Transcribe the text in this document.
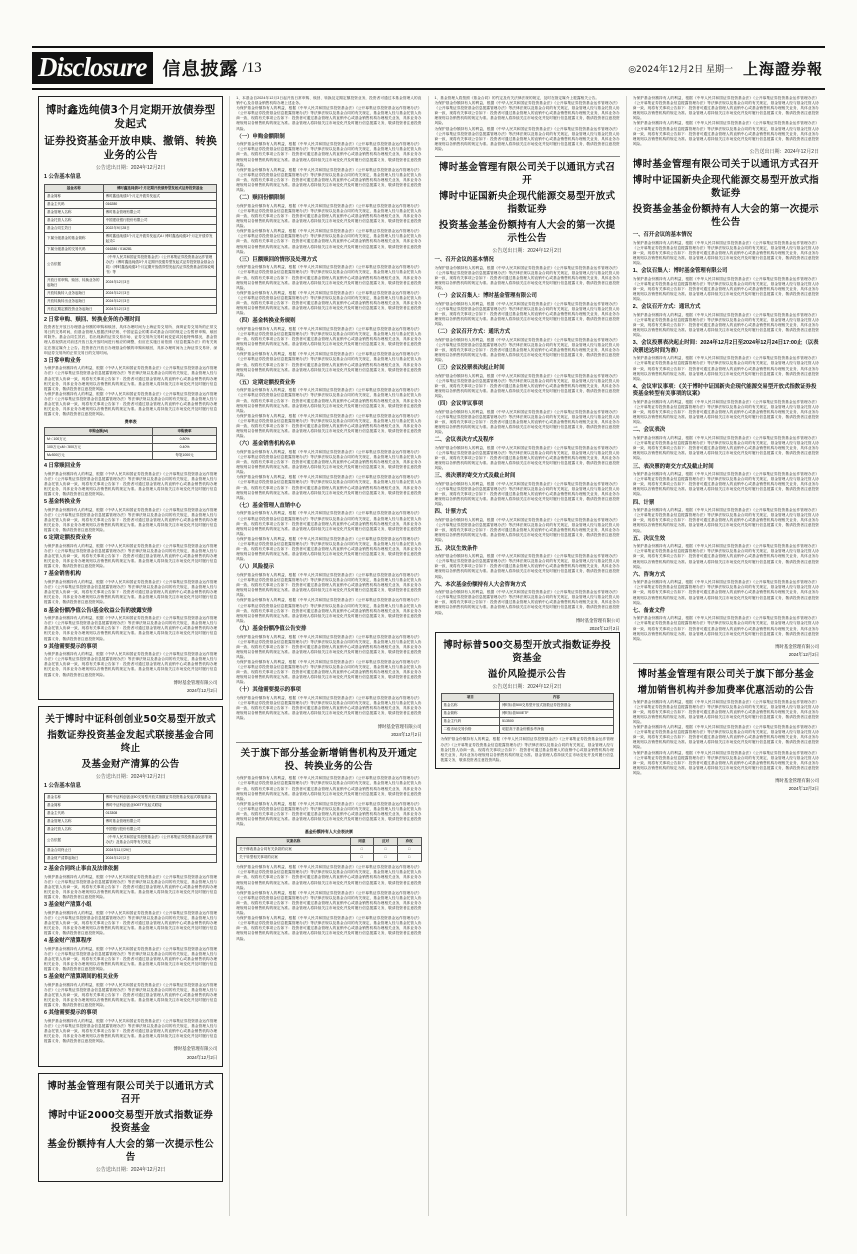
Disclosure 信息披露 /13	◎2024年12月2日 星期一 上海證券報
博时鑫选纯债3个月定期开放债券型发起式
证券投资基金开放申赎、撤销、转换业务的公告
公告送出日期：2024年12月2日
1 公告基本信息
基金名称	博时鑫选纯债3个月定期开放债券型发起式证券投资基金
基金简称	博时鑫选纯债3个月定开债券发起式
基金主代码	016280
基金管理人名称	博时基金管理有限公司
基金托管人名称	中国建设银行股份有限公司
基金合同生效日	2022年9月28日
下属分级基金的基金简称	博时鑫选纯债3个月定开债券发起式A / 博时鑫选纯债3个月定开债券发起式C
下属分级基金的交易代码	016280 / 016281
公告依据	《中华人民共和国证券投资基金法》《公开募集证券投资基金运作管理办法》《博时鑫选纯债3个月定期开放债券型发起式证券投资基金基金合同》《博时鑫选纯债3个月定期开放债券型发起式证券投资基金招募说明书》等
开放日常申购、赎回、转换业务的起始日	2024年12月3日
开放转换转入业务起始日	2024年12月3日
开放转换转出业务起始日	2024年12月3日
开放定期定额投资业务起始日	2024年12月3日
2 日常申购、赎回、转换业务的办理时间
投资者在开放日办理基金份额的申购和赎回，具体办理时间为上海证券交易所、深圳证券交易所的正常交易日的交易时间，但基金管理人根据法律法规、中国证监会的要求或基金合同的规定公告暂停申购、赎回时除外。基金合同生效后，若出现新的证券交易市场、证券交易所交易时间变更或其他特殊情况，基金管理人将视情况对前述开放日及开放时间进行相应的调整，但应在实施日前依照《信息披露办法》的有关规定在指定媒介上公告。投资者在开放日办理基金份额的申购和赎回，具体办理时间为上海证券交易所、深圳证券交易所的正常交易日的交易时间。
3 日常申购业务
为保护基金份额持有人的利益，根据《中华人民共和国证券投资基金法》《公开募集证券投资基金运作管理办法》《公开募集证券投资基金信息披露管理办法》等法律法规以及基金合同的有关规定，基金管理人经与基金托管人协商一致，现将有关事项公告如下：投资者可通过基金管理人的直销中心或基金销售机构办理相关业务，具体业务办理规则以各销售机构的规定为准。基金管理人将持续关注市场变化并及时履行信息披露义务，敬请投资者注意投资风险。
为保护基金份额持有人的利益，根据《中华人民共和国证券投资基金法》《公开募集证券投资基金运作管理办法》《公开募集证券投资基金信息披露管理办法》等法律法规以及基金合同的有关规定，基金管理人经与基金托管人协商一致，现将有关事项公告如下：投资者可通过基金管理人的直销中心或基金销售机构办理相关业务，具体业务办理规则以各销售机构的规定为准。基金管理人将持续关注市场变化并及时履行信息披露义务，敬请投资者注意投资风险。
费率表
申购金额(M)	申购费率
M＜100万元	0.80%
100万元≤M＜500万元	0.40%
M≥500万元	每笔1000元
4 日常赎回业务
为保护基金份额持有人的利益，根据《中华人民共和国证券投资基金法》《公开募集证券投资基金运作管理办法》《公开募集证券投资基金信息披露管理办法》等法律法规以及基金合同的有关规定，基金管理人经与基金托管人协商一致，现将有关事项公告如下：投资者可通过基金管理人的直销中心或基金销售机构办理相关业务，具体业务办理规则以各销售机构的规定为准。基金管理人将持续关注市场变化并及时履行信息披露义务，敬请投资者注意投资风险。
5 基金转换业务
为保护基金份额持有人的利益，根据《中华人民共和国证券投资基金法》《公开募集证券投资基金运作管理办法》《公开募集证券投资基金信息披露管理办法》等法律法规以及基金合同的有关规定，基金管理人经与基金托管人协商一致，现将有关事项公告如下：投资者可通过基金管理人的直销中心或基金销售机构办理相关业务，具体业务办理规则以各销售机构的规定为准。基金管理人将持续关注市场变化并及时履行信息披露义务，敬请投资者注意投资风险。
6 定期定额投资业务
为保护基金份额持有人的利益，根据《中华人民共和国证券投资基金法》《公开募集证券投资基金运作管理办法》《公开募集证券投资基金信息披露管理办法》等法律法规以及基金合同的有关规定，基金管理人经与基金托管人协商一致，现将有关事项公告如下：投资者可通过基金管理人的直销中心或基金销售机构办理相关业务，具体业务办理规则以各销售机构的规定为准。基金管理人将持续关注市场变化并及时履行信息披露义务，敬请投资者注意投资风险。
7 基金销售机构
为保护基金份额持有人的利益，根据《中华人民共和国证券投资基金法》《公开募集证券投资基金运作管理办法》《公开募集证券投资基金信息披露管理办法》等法律法规以及基金合同的有关规定，基金管理人经与基金托管人协商一致，现将有关事项公告如下：投资者可通过基金管理人的直销中心或基金销售机构办理相关业务，具体业务办理规则以各销售机构的规定为准。基金管理人将持续关注市场变化并及时履行信息披露义务，敬请投资者注意投资风险。
8 基金份额净值公告/基金收益公告的披露安排
为保护基金份额持有人的利益，根据《中华人民共和国证券投资基金法》《公开募集证券投资基金运作管理办法》《公开募集证券投资基金信息披露管理办法》等法律法规以及基金合同的有关规定，基金管理人经与基金托管人协商一致，现将有关事项公告如下：投资者可通过基金管理人的直销中心或基金销售机构办理相关业务，具体业务办理规则以各销售机构的规定为准。基金管理人将持续关注市场变化并及时履行信息披露义务，敬请投资者注意投资风险。
9 其他需要提示的事项
为保护基金份额持有人的利益，根据《中华人民共和国证券投资基金法》《公开募集证券投资基金运作管理办法》《公开募集证券投资基金信息披露管理办法》等法律法规以及基金合同的有关规定，基金管理人经与基金托管人协商一致，现将有关事项公告如下：投资者可通过基金管理人的直销中心或基金销售机构办理相关业务，具体业务办理规则以各销售机构的规定为准。基金管理人将持续关注市场变化并及时履行信息披露义务，敬请投资者注意投资风险。
博时基金管理有限公司
2024年12月2日
关于博时中证科创创业50交易型开放式
指数证券投资基金发起式联接基金合同终止
及基金财产清算的公告
公告送出日期：2024年12月2日
1 公告基本信息
基金名称	博时中证科创创业50交易型开放式指数证券投资基金发起式联接基金
基金简称	博时中证科创创业50ETF发起式联接
基金主代码	013308
基金管理人名称	博时基金管理有限公司
基金托管人名称	中国银行股份有限公司
公告依据	《中华人民共和国证券投资基金法》《公开募集证券投资基金运作管理办法》及基金合同等有关规定
基金合同终止日	2024年11月29日
基金财产清算起始日	2024年12月2日
2 基金合同终止事由及法律依据
为保护基金份额持有人的利益，根据《中华人民共和国证券投资基金法》《公开募集证券投资基金运作管理办法》《公开募集证券投资基金信息披露管理办法》等法律法规以及基金合同的有关规定，基金管理人经与基金托管人协商一致，现将有关事项公告如下：投资者可通过基金管理人的直销中心或基金销售机构办理相关业务，具体业务办理规则以各销售机构的规定为准。基金管理人将持续关注市场变化并及时履行信息披露义务，敬请投资者注意投资风险。
3 基金财产清算小组
为保护基金份额持有人的利益，根据《中华人民共和国证券投资基金法》《公开募集证券投资基金运作管理办法》《公开募集证券投资基金信息披露管理办法》等法律法规以及基金合同的有关规定，基金管理人经与基金托管人协商一致，现将有关事项公告如下：投资者可通过基金管理人的直销中心或基金销售机构办理相关业务，具体业务办理规则以各销售机构的规定为准。基金管理人将持续关注市场变化并及时履行信息披露义务，敬请投资者注意投资风险。
4 基金财产清算程序
为保护基金份额持有人的利益，根据《中华人民共和国证券投资基金法》《公开募集证券投资基金运作管理办法》《公开募集证券投资基金信息披露管理办法》等法律法规以及基金合同的有关规定，基金管理人经与基金托管人协商一致，现将有关事项公告如下：投资者可通过基金管理人的直销中心或基金销售机构办理相关业务，具体业务办理规则以各销售机构的规定为准。基金管理人将持续关注市场变化并及时履行信息披露义务，敬请投资者注意投资风险。
5 基金财产清算期间的相关业务
为保护基金份额持有人的利益，根据《中华人民共和国证券投资基金法》《公开募集证券投资基金运作管理办法》《公开募集证券投资基金信息披露管理办法》等法律法规以及基金合同的有关规定，基金管理人经与基金托管人协商一致，现将有关事项公告如下：投资者可通过基金管理人的直销中心或基金销售机构办理相关业务，具体业务办理规则以各销售机构的规定为准。基金管理人将持续关注市场变化并及时履行信息披露义务，敬请投资者注意投资风险。
6 其他需要提示的事项
为保护基金份额持有人的利益，根据《中华人民共和国证券投资基金法》《公开募集证券投资基金运作管理办法》《公开募集证券投资基金信息披露管理办法》等法律法规以及基金合同的有关规定，基金管理人经与基金托管人协商一致，现将有关事项公告如下：投资者可通过基金管理人的直销中心或基金销售机构办理相关业务，具体业务办理规则以各销售机构的规定为准。基金管理人将持续关注市场变化并及时履行信息披露义务，敬请投资者注意投资风险。
博时基金管理有限公司
2024年12月2日
博时基金管理有限公司关于以通讯方式召开
博时中证2000交易型开放式指数证券投资基金
基金份额持有人大会的第一次提示性公告
公告送出日期：2024年12月2日
1、本基金自2024年12月3日起开放日常申购、赎回、转换及定期定额投资业务，投资者可通过本基金管理人的直销中心及各基金销售机构办理上述业务。
为保护基金份额持有人的利益，根据《中华人民共和国证券投资基金法》《公开募集证券投资基金运作管理办法》《公开募集证券投资基金信息披露管理办法》等法律法规以及基金合同的有关规定，基金管理人经与基金托管人协商一致，现将有关事项公告如下：投资者可通过基金管理人的直销中心或基金销售机构办理相关业务，具体业务办理规则以各销售机构的规定为准。基金管理人将持续关注市场变化并及时履行信息披露义务，敬请投资者注意投资风险。
（一）申购金额限制
为保护基金份额持有人的利益，根据《中华人民共和国证券投资基金法》《公开募集证券投资基金运作管理办法》《公开募集证券投资基金信息披露管理办法》等法律法规以及基金合同的有关规定，基金管理人经与基金托管人协商一致，现将有关事项公告如下：投资者可通过基金管理人的直销中心或基金销售机构办理相关业务，具体业务办理规则以各销售机构的规定为准。基金管理人将持续关注市场变化并及时履行信息披露义务，敬请投资者注意投资风险。
为保护基金份额持有人的利益，根据《中华人民共和国证券投资基金法》《公开募集证券投资基金运作管理办法》《公开募集证券投资基金信息披露管理办法》等法律法规以及基金合同的有关规定，基金管理人经与基金托管人协商一致，现将有关事项公告如下：投资者可通过基金管理人的直销中心或基金销售机构办理相关业务，具体业务办理规则以各销售机构的规定为准。基金管理人将持续关注市场变化并及时履行信息披露义务，敬请投资者注意投资风险。
（二）赎回份额限制
为保护基金份额持有人的利益，根据《中华人民共和国证券投资基金法》《公开募集证券投资基金运作管理办法》《公开募集证券投资基金信息披露管理办法》等法律法规以及基金合同的有关规定，基金管理人经与基金托管人协商一致，现将有关事项公告如下：投资者可通过基金管理人的直销中心或基金销售机构办理相关业务，具体业务办理规则以各销售机构的规定为准。基金管理人将持续关注市场变化并及时履行信息披露义务，敬请投资者注意投资风险。
为保护基金份额持有人的利益，根据《中华人民共和国证券投资基金法》《公开募集证券投资基金运作管理办法》《公开募集证券投资基金信息披露管理办法》等法律法规以及基金合同的有关规定，基金管理人经与基金托管人协商一致，现将有关事项公告如下：投资者可通过基金管理人的直销中心或基金销售机构办理相关业务，具体业务办理规则以各销售机构的规定为准。基金管理人将持续关注市场变化并及时履行信息披露义务，敬请投资者注意投资风险。
（三）巨额赎回的情形及处理方式
为保护基金份额持有人的利益，根据《中华人民共和国证券投资基金法》《公开募集证券投资基金运作管理办法》《公开募集证券投资基金信息披露管理办法》等法律法规以及基金合同的有关规定，基金管理人经与基金托管人协商一致，现将有关事项公告如下：投资者可通过基金管理人的直销中心或基金销售机构办理相关业务，具体业务办理规则以各销售机构的规定为准。基金管理人将持续关注市场变化并及时履行信息披露义务，敬请投资者注意投资风险。
为保护基金份额持有人的利益，根据《中华人民共和国证券投资基金法》《公开募集证券投资基金运作管理办法》《公开募集证券投资基金信息披露管理办法》等法律法规以及基金合同的有关规定，基金管理人经与基金托管人协商一致，现将有关事项公告如下：投资者可通过基金管理人的直销中心或基金销售机构办理相关业务，具体业务办理规则以各销售机构的规定为准。基金管理人将持续关注市场变化并及时履行信息披露义务，敬请投资者注意投资风险。
（四）基金转换业务规则
为保护基金份额持有人的利益，根据《中华人民共和国证券投资基金法》《公开募集证券投资基金运作管理办法》《公开募集证券投资基金信息披露管理办法》等法律法规以及基金合同的有关规定，基金管理人经与基金托管人协商一致，现将有关事项公告如下：投资者可通过基金管理人的直销中心或基金销售机构办理相关业务，具体业务办理规则以各销售机构的规定为准。基金管理人将持续关注市场变化并及时履行信息披露义务，敬请投资者注意投资风险。
为保护基金份额持有人的利益，根据《中华人民共和国证券投资基金法》《公开募集证券投资基金运作管理办法》《公开募集证券投资基金信息披露管理办法》等法律法规以及基金合同的有关规定，基金管理人经与基金托管人协商一致，现将有关事项公告如下：投资者可通过基金管理人的直销中心或基金销售机构办理相关业务，具体业务办理规则以各销售机构的规定为准。基金管理人将持续关注市场变化并及时履行信息披露义务，敬请投资者注意投资风险。
（五）定期定额投资业务
为保护基金份额持有人的利益，根据《中华人民共和国证券投资基金法》《公开募集证券投资基金运作管理办法》《公开募集证券投资基金信息披露管理办法》等法律法规以及基金合同的有关规定，基金管理人经与基金托管人协商一致，现将有关事项公告如下：投资者可通过基金管理人的直销中心或基金销售机构办理相关业务，具体业务办理规则以各销售机构的规定为准。基金管理人将持续关注市场变化并及时履行信息披露义务，敬请投资者注意投资风险。
为保护基金份额持有人的利益，根据《中华人民共和国证券投资基金法》《公开募集证券投资基金运作管理办法》《公开募集证券投资基金信息披露管理办法》等法律法规以及基金合同的有关规定，基金管理人经与基金托管人协商一致，现将有关事项公告如下：投资者可通过基金管理人的直销中心或基金销售机构办理相关业务，具体业务办理规则以各销售机构的规定为准。基金管理人将持续关注市场变化并及时履行信息披露义务，敬请投资者注意投资风险。
（六）基金销售机构名单
为保护基金份额持有人的利益，根据《中华人民共和国证券投资基金法》《公开募集证券投资基金运作管理办法》《公开募集证券投资基金信息披露管理办法》等法律法规以及基金合同的有关规定，基金管理人经与基金托管人协商一致，现将有关事项公告如下：投资者可通过基金管理人的直销中心或基金销售机构办理相关业务，具体业务办理规则以各销售机构的规定为准。基金管理人将持续关注市场变化并及时履行信息披露义务，敬请投资者注意投资风险。
为保护基金份额持有人的利益，根据《中华人民共和国证券投资基金法》《公开募集证券投资基金运作管理办法》《公开募集证券投资基金信息披露管理办法》等法律法规以及基金合同的有关规定，基金管理人经与基金托管人协商一致，现将有关事项公告如下：投资者可通过基金管理人的直销中心或基金销售机构办理相关业务，具体业务办理规则以各销售机构的规定为准。基金管理人将持续关注市场变化并及时履行信息披露义务，敬请投资者注意投资风险。
（七）基金管理人直销中心
为保护基金份额持有人的利益，根据《中华人民共和国证券投资基金法》《公开募集证券投资基金运作管理办法》《公开募集证券投资基金信息披露管理办法》等法律法规以及基金合同的有关规定，基金管理人经与基金托管人协商一致，现将有关事项公告如下：投资者可通过基金管理人的直销中心或基金销售机构办理相关业务，具体业务办理规则以各销售机构的规定为准。基金管理人将持续关注市场变化并及时履行信息披露义务，敬请投资者注意投资风险。
为保护基金份额持有人的利益，根据《中华人民共和国证券投资基金法》《公开募集证券投资基金运作管理办法》《公开募集证券投资基金信息披露管理办法》等法律法规以及基金合同的有关规定，基金管理人经与基金托管人协商一致，现将有关事项公告如下：投资者可通过基金管理人的直销中心或基金销售机构办理相关业务，具体业务办理规则以各销售机构的规定为准。基金管理人将持续关注市场变化并及时履行信息披露义务，敬请投资者注意投资风险。
（八）风险提示
为保护基金份额持有人的利益，根据《中华人民共和国证券投资基金法》《公开募集证券投资基金运作管理办法》《公开募集证券投资基金信息披露管理办法》等法律法规以及基金合同的有关规定，基金管理人经与基金托管人协商一致，现将有关事项公告如下：投资者可通过基金管理人的直销中心或基金销售机构办理相关业务，具体业务办理规则以各销售机构的规定为准。基金管理人将持续关注市场变化并及时履行信息披露义务，敬请投资者注意投资风险。
为保护基金份额持有人的利益，根据《中华人民共和国证券投资基金法》《公开募集证券投资基金运作管理办法》《公开募集证券投资基金信息披露管理办法》等法律法规以及基金合同的有关规定，基金管理人经与基金托管人协商一致，现将有关事项公告如下：投资者可通过基金管理人的直销中心或基金销售机构办理相关业务，具体业务办理规则以各销售机构的规定为准。基金管理人将持续关注市场变化并及时履行信息披露义务，敬请投资者注意投资风险。
（九）基金份额净值公告安排
为保护基金份额持有人的利益，根据《中华人民共和国证券投资基金法》《公开募集证券投资基金运作管理办法》《公开募集证券投资基金信息披露管理办法》等法律法规以及基金合同的有关规定，基金管理人经与基金托管人协商一致，现将有关事项公告如下：投资者可通过基金管理人的直销中心或基金销售机构办理相关业务，具体业务办理规则以各销售机构的规定为准。基金管理人将持续关注市场变化并及时履行信息披露义务，敬请投资者注意投资风险。
为保护基金份额持有人的利益，根据《中华人民共和国证券投资基金法》《公开募集证券投资基金运作管理办法》《公开募集证券投资基金信息披露管理办法》等法律法规以及基金合同的有关规定，基金管理人经与基金托管人协商一致，现将有关事项公告如下：投资者可通过基金管理人的直销中心或基金销售机构办理相关业务，具体业务办理规则以各销售机构的规定为准。基金管理人将持续关注市场变化并及时履行信息披露义务，敬请投资者注意投资风险。
（十）其他需要提示的事项
为保护基金份额持有人的利益，根据《中华人民共和国证券投资基金法》《公开募集证券投资基金运作管理办法》《公开募集证券投资基金信息披露管理办法》等法律法规以及基金合同的有关规定，基金管理人经与基金托管人协商一致，现将有关事项公告如下：投资者可通过基金管理人的直销中心或基金销售机构办理相关业务，具体业务办理规则以各销售机构的规定为准。基金管理人将持续关注市场变化并及时履行信息披露义务，敬请投资者注意投资风险。
博时基金管理有限公司
2024年12月2日
关于旗下部分基金新增销售机构及开通定投、转换业务的公告
为保护基金份额持有人的利益，根据《中华人民共和国证券投资基金法》《公开募集证券投资基金运作管理办法》《公开募集证券投资基金信息披露管理办法》等法律法规以及基金合同的有关规定，基金管理人经与基金托管人协商一致，现将有关事项公告如下：投资者可通过基金管理人的直销中心或基金销售机构办理相关业务，具体业务办理规则以各销售机构的规定为准。基金管理人将持续关注市场变化并及时履行信息披露义务，敬请投资者注意投资风险。
为保护基金份额持有人的利益，根据《中华人民共和国证券投资基金法》《公开募集证券投资基金运作管理办法》《公开募集证券投资基金信息披露管理办法》等法律法规以及基金合同的有关规定，基金管理人经与基金托管人协商一致，现将有关事项公告如下：投资者可通过基金管理人的直销中心或基金销售机构办理相关业务，具体业务办理规则以各销售机构的规定为准。基金管理人将持续关注市场变化并及时履行信息披露义务，敬请投资者注意投资风险。
基金份额持有人大会表决票
议案名称	同意	反对	弃权
关于修改基金合同有关条款的议案	□	□	□
关于转型相关事项的议案	□	□	□
为保护基金份额持有人的利益，根据《中华人民共和国证券投资基金法》《公开募集证券投资基金运作管理办法》《公开募集证券投资基金信息披露管理办法》等法律法规以及基金合同的有关规定，基金管理人经与基金托管人协商一致，现将有关事项公告如下：投资者可通过基金管理人的直销中心或基金销售机构办理相关业务，具体业务办理规则以各销售机构的规定为准。基金管理人将持续关注市场变化并及时履行信息披露义务，敬请投资者注意投资风险。
为保护基金份额持有人的利益，根据《中华人民共和国证券投资基金法》《公开募集证券投资基金运作管理办法》《公开募集证券投资基金信息披露管理办法》等法律法规以及基金合同的有关规定，基金管理人经与基金托管人协商一致，现将有关事项公告如下：投资者可通过基金管理人的直销中心或基金销售机构办理相关业务，具体业务办理规则以各销售机构的规定为准。基金管理人将持续关注市场变化并及时履行信息披露义务，敬请投资者注意投资风险。
为保护基金份额持有人的利益，根据《中华人民共和国证券投资基金法》《公开募集证券投资基金运作管理办法》《公开募集证券投资基金信息披露管理办法》等法律法规以及基金合同的有关规定，基金管理人经与基金托管人协商一致，现将有关事项公告如下：投资者可通过基金管理人的直销中心或基金销售机构办理相关业务，具体业务办理规则以各销售机构的规定为准。基金管理人将持续关注市场变化并及时履行信息披露义务，敬请投资者注意投资风险。
1、基金管理人将按照《基金合同》的约定及有关法律法规的规定，及时在指定媒介上披露相关公告。
为保护基金份额持有人的利益，根据《中华人民共和国证券投资基金法》《公开募集证券投资基金运作管理办法》《公开募集证券投资基金信息披露管理办法》等法律法规以及基金合同的有关规定，基金管理人经与基金托管人协商一致，现将有关事项公告如下：投资者可通过基金管理人的直销中心或基金销售机构办理相关业务，具体业务办理规则以各销售机构的规定为准。基金管理人将持续关注市场变化并及时履行信息披露义务，敬请投资者注意投资风险。
为保护基金份额持有人的利益，根据《中华人民共和国证券投资基金法》《公开募集证券投资基金运作管理办法》《公开募集证券投资基金信息披露管理办法》等法律法规以及基金合同的有关规定，基金管理人经与基金托管人协商一致，现将有关事项公告如下：投资者可通过基金管理人的直销中心或基金销售机构办理相关业务，具体业务办理规则以各销售机构的规定为准。基金管理人将持续关注市场变化并及时履行信息披露义务，敬请投资者注意投资风险。
博时基金管理有限公司关于以通讯方式召开
博时中证国新央企现代能源交易型开放式指数证券
投资基金基金份额持有人大会的第一次提示性公告
公告送出日期：2024年12月2日
一、召开会议的基本情况
为保护基金份额持有人的利益，根据《中华人民共和国证券投资基金法》《公开募集证券投资基金运作管理办法》《公开募集证券投资基金信息披露管理办法》等法律法规以及基金合同的有关规定，基金管理人经与基金托管人协商一致，现将有关事项公告如下：投资者可通过基金管理人的直销中心或基金销售机构办理相关业务，具体业务办理规则以各销售机构的规定为准。基金管理人将持续关注市场变化并及时履行信息披露义务，敬请投资者注意投资风险。
（一）会议召集人：博时基金管理有限公司
为保护基金份额持有人的利益，根据《中华人民共和国证券投资基金法》《公开募集证券投资基金运作管理办法》《公开募集证券投资基金信息披露管理办法》等法律法规以及基金合同的有关规定，基金管理人经与基金托管人协商一致，现将有关事项公告如下：投资者可通过基金管理人的直销中心或基金销售机构办理相关业务，具体业务办理规则以各销售机构的规定为准。基金管理人将持续关注市场变化并及时履行信息披露义务，敬请投资者注意投资风险。
（二）会议召开方式：通讯方式
为保护基金份额持有人的利益，根据《中华人民共和国证券投资基金法》《公开募集证券投资基金运作管理办法》《公开募集证券投资基金信息披露管理办法》等法律法规以及基金合同的有关规定，基金管理人经与基金托管人协商一致，现将有关事项公告如下：投资者可通过基金管理人的直销中心或基金销售机构办理相关业务，具体业务办理规则以各销售机构的规定为准。基金管理人将持续关注市场变化并及时履行信息披露义务，敬请投资者注意投资风险。
（三）会议投票表决起止时间
为保护基金份额持有人的利益，根据《中华人民共和国证券投资基金法》《公开募集证券投资基金运作管理办法》《公开募集证券投资基金信息披露管理办法》等法律法规以及基金合同的有关规定，基金管理人经与基金托管人协商一致，现将有关事项公告如下：投资者可通过基金管理人的直销中心或基金销售机构办理相关业务，具体业务办理规则以各销售机构的规定为准。基金管理人将持续关注市场变化并及时履行信息披露义务，敬请投资者注意投资风险。
（四）会议审议事项
为保护基金份额持有人的利益，根据《中华人民共和国证券投资基金法》《公开募集证券投资基金运作管理办法》《公开募集证券投资基金信息披露管理办法》等法律法规以及基金合同的有关规定，基金管理人经与基金托管人协商一致，现将有关事项公告如下：投资者可通过基金管理人的直销中心或基金销售机构办理相关业务，具体业务办理规则以各销售机构的规定为准。基金管理人将持续关注市场变化并及时履行信息披露义务，敬请投资者注意投资风险。
二、会议表决方式及程序
为保护基金份额持有人的利益，根据《中华人民共和国证券投资基金法》《公开募集证券投资基金运作管理办法》《公开募集证券投资基金信息披露管理办法》等法律法规以及基金合同的有关规定，基金管理人经与基金托管人协商一致，现将有关事项公告如下：投资者可通过基金管理人的直销中心或基金销售机构办理相关业务，具体业务办理规则以各销售机构的规定为准。基金管理人将持续关注市场变化并及时履行信息披露义务，敬请投资者注意投资风险。
三、表决票的寄交方式及截止时间
为保护基金份额持有人的利益，根据《中华人民共和国证券投资基金法》《公开募集证券投资基金运作管理办法》《公开募集证券投资基金信息披露管理办法》等法律法规以及基金合同的有关规定，基金管理人经与基金托管人协商一致，现将有关事项公告如下：投资者可通过基金管理人的直销中心或基金销售机构办理相关业务，具体业务办理规则以各销售机构的规定为准。基金管理人将持续关注市场变化并及时履行信息披露义务，敬请投资者注意投资风险。
四、计票方式
为保护基金份额持有人的利益，根据《中华人民共和国证券投资基金法》《公开募集证券投资基金运作管理办法》《公开募集证券投资基金信息披露管理办法》等法律法规以及基金合同的有关规定，基金管理人经与基金托管人协商一致，现将有关事项公告如下：投资者可通过基金管理人的直销中心或基金销售机构办理相关业务，具体业务办理规则以各销售机构的规定为准。基金管理人将持续关注市场变化并及时履行信息披露义务，敬请投资者注意投资风险。
五、决议生效条件
为保护基金份额持有人的利益，根据《中华人民共和国证券投资基金法》《公开募集证券投资基金运作管理办法》《公开募集证券投资基金信息披露管理办法》等法律法规以及基金合同的有关规定，基金管理人经与基金托管人协商一致，现将有关事项公告如下：投资者可通过基金管理人的直销中心或基金销售机构办理相关业务，具体业务办理规则以各销售机构的规定为准。基金管理人将持续关注市场变化并及时履行信息披露义务，敬请投资者注意投资风险。
六、本次基金份额持有人大会咨询方式
为保护基金份额持有人的利益，根据《中华人民共和国证券投资基金法》《公开募集证券投资基金运作管理办法》《公开募集证券投资基金信息披露管理办法》等法律法规以及基金合同的有关规定，基金管理人经与基金托管人协商一致，现将有关事项公告如下：投资者可通过基金管理人的直销中心或基金销售机构办理相关业务，具体业务办理规则以各销售机构的规定为准。基金管理人将持续关注市场变化并及时履行信息披露义务，敬请投资者注意投资风险。
博时基金管理有限公司
2024年12月2日
博时标普500交易型开放式指数证券投资基金
溢价风险提示公告
公告送出日期：2024年12月2日
项目	内容
基金名称	博时标普500交易型开放式指数证券投资基金
基金简称	博时标普500ETF
基金主代码	513500
二级市场交易价格	明显高于基金份额参考净值
为保护基金份额持有人的利益，根据《中华人民共和国证券投资基金法》《公开募集证券投资基金运作管理办法》《公开募集证券投资基金信息披露管理办法》等法律法规以及基金合同的有关规定，基金管理人经与基金托管人协商一致，现将有关事项公告如下：投资者可通过基金管理人的直销中心或基金销售机构办理相关业务，具体业务办理规则以各销售机构的规定为准。基金管理人将持续关注市场变化并及时履行信息披露义务，敬请投资者注意投资风险。
为保护基金份额持有人的利益，根据《中华人民共和国证券投资基金法》《公开募集证券投资基金运作管理办法》《公开募集证券投资基金信息披露管理办法》等法律法规以及基金合同的有关规定，基金管理人经与基金托管人协商一致，现将有关事项公告如下：投资者可通过基金管理人的直销中心或基金销售机构办理相关业务，具体业务办理规则以各销售机构的规定为准。基金管理人将持续关注市场变化并及时履行信息披露义务，敬请投资者注意投资风险。
为保护基金份额持有人的利益，根据《中华人民共和国证券投资基金法》《公开募集证券投资基金运作管理办法》《公开募集证券投资基金信息披露管理办法》等法律法规以及基金合同的有关规定，基金管理人经与基金托管人协商一致，现将有关事项公告如下：投资者可通过基金管理人的直销中心或基金销售机构办理相关业务，具体业务办理规则以各销售机构的规定为准。基金管理人将持续关注市场变化并及时履行信息披露义务，敬请投资者注意投资风险。
公告送出日期：2024年12月2日
博时基金管理有限公司关于以通讯方式召开
博时中证国新央企现代能源交易型开放式指数证券
投资基金基金份额持有人大会的第一次提示性公告
一、召开会议的基本情况
为保护基金份额持有人的利益，根据《中华人民共和国证券投资基金法》《公开募集证券投资基金运作管理办法》《公开募集证券投资基金信息披露管理办法》等法律法规以及基金合同的有关规定，基金管理人经与基金托管人协商一致，现将有关事项公告如下：投资者可通过基金管理人的直销中心或基金销售机构办理相关业务，具体业务办理规则以各销售机构的规定为准。基金管理人将持续关注市场变化并及时履行信息披露义务，敬请投资者注意投资风险。
1、会议召集人：博时基金管理有限公司
为保护基金份额持有人的利益，根据《中华人民共和国证券投资基金法》《公开募集证券投资基金运作管理办法》《公开募集证券投资基金信息披露管理办法》等法律法规以及基金合同的有关规定，基金管理人经与基金托管人协商一致，现将有关事项公告如下：投资者可通过基金管理人的直销中心或基金销售机构办理相关业务，具体业务办理规则以各销售机构的规定为准。基金管理人将持续关注市场变化并及时履行信息披露义务，敬请投资者注意投资风险。
2、会议召开方式：通讯方式
为保护基金份额持有人的利益，根据《中华人民共和国证券投资基金法》《公开募集证券投资基金运作管理办法》《公开募集证券投资基金信息披露管理办法》等法律法规以及基金合同的有关规定，基金管理人经与基金托管人协商一致，现将有关事项公告如下：投资者可通过基金管理人的直销中心或基金销售机构办理相关业务，具体业务办理规则以各销售机构的规定为准。基金管理人将持续关注市场变化并及时履行信息披露义务，敬请投资者注意投资风险。
3、会议投票表决起止时间：2024年12月2日至2024年12月24日17:00止（以表决票送达时间为准）
为保护基金份额持有人的利益，根据《中华人民共和国证券投资基金法》《公开募集证券投资基金运作管理办法》《公开募集证券投资基金信息披露管理办法》等法律法规以及基金合同的有关规定，基金管理人经与基金托管人协商一致，现将有关事项公告如下：投资者可通过基金管理人的直销中心或基金销售机构办理相关业务，具体业务办理规则以各销售机构的规定为准。基金管理人将持续关注市场变化并及时履行信息披露义务，敬请投资者注意投资风险。
4、会议审议事项：《关于博时中证国新央企现代能源交易型开放式指数证券投资基金转型有关事项的议案》
为保护基金份额持有人的利益，根据《中华人民共和国证券投资基金法》《公开募集证券投资基金运作管理办法》《公开募集证券投资基金信息披露管理办法》等法律法规以及基金合同的有关规定，基金管理人经与基金托管人协商一致，现将有关事项公告如下：投资者可通过基金管理人的直销中心或基金销售机构办理相关业务，具体业务办理规则以各销售机构的规定为准。基金管理人将持续关注市场变化并及时履行信息披露义务，敬请投资者注意投资风险。
二、会议表决
为保护基金份额持有人的利益，根据《中华人民共和国证券投资基金法》《公开募集证券投资基金运作管理办法》《公开募集证券投资基金信息披露管理办法》等法律法规以及基金合同的有关规定，基金管理人经与基金托管人协商一致，现将有关事项公告如下：投资者可通过基金管理人的直销中心或基金销售机构办理相关业务，具体业务办理规则以各销售机构的规定为准。基金管理人将持续关注市场变化并及时履行信息披露义务，敬请投资者注意投资风险。
三、表决票的寄交方式及截止时间
为保护基金份额持有人的利益，根据《中华人民共和国证券投资基金法》《公开募集证券投资基金运作管理办法》《公开募集证券投资基金信息披露管理办法》等法律法规以及基金合同的有关规定，基金管理人经与基金托管人协商一致，现将有关事项公告如下：投资者可通过基金管理人的直销中心或基金销售机构办理相关业务，具体业务办理规则以各销售机构的规定为准。基金管理人将持续关注市场变化并及时履行信息披露义务，敬请投资者注意投资风险。
四、计票
为保护基金份额持有人的利益，根据《中华人民共和国证券投资基金法》《公开募集证券投资基金运作管理办法》《公开募集证券投资基金信息披露管理办法》等法律法规以及基金合同的有关规定，基金管理人经与基金托管人协商一致，现将有关事项公告如下：投资者可通过基金管理人的直销中心或基金销售机构办理相关业务，具体业务办理规则以各销售机构的规定为准。基金管理人将持续关注市场变化并及时履行信息披露义务，敬请投资者注意投资风险。
五、决议生效
为保护基金份额持有人的利益，根据《中华人民共和国证券投资基金法》《公开募集证券投资基金运作管理办法》《公开募集证券投资基金信息披露管理办法》等法律法规以及基金合同的有关规定，基金管理人经与基金托管人协商一致，现将有关事项公告如下：投资者可通过基金管理人的直销中心或基金销售机构办理相关业务，具体业务办理规则以各销售机构的规定为准。基金管理人将持续关注市场变化并及时履行信息披露义务，敬请投资者注意投资风险。
六、咨询方式
为保护基金份额持有人的利益，根据《中华人民共和国证券投资基金法》《公开募集证券投资基金运作管理办法》《公开募集证券投资基金信息披露管理办法》等法律法规以及基金合同的有关规定，基金管理人经与基金托管人协商一致，现将有关事项公告如下：投资者可通过基金管理人的直销中心或基金销售机构办理相关业务，具体业务办理规则以各销售机构的规定为准。基金管理人将持续关注市场变化并及时履行信息披露义务，敬请投资者注意投资风险。
七、备查文件
为保护基金份额持有人的利益，根据《中华人民共和国证券投资基金法》《公开募集证券投资基金运作管理办法》《公开募集证券投资基金信息披露管理办法》等法律法规以及基金合同的有关规定，基金管理人经与基金托管人协商一致，现将有关事项公告如下：投资者可通过基金管理人的直销中心或基金销售机构办理相关业务，具体业务办理规则以各销售机构的规定为准。基金管理人将持续关注市场变化并及时履行信息披露义务，敬请投资者注意投资风险。
博时基金管理有限公司
2024年12月2日
博时基金管理有限公司关于旗下部分基金
增加销售机构并参加费率优惠活动的公告
为保护基金份额持有人的利益，根据《中华人民共和国证券投资基金法》《公开募集证券投资基金运作管理办法》《公开募集证券投资基金信息披露管理办法》等法律法规以及基金合同的有关规定，基金管理人经与基金托管人协商一致，现将有关事项公告如下：投资者可通过基金管理人的直销中心或基金销售机构办理相关业务，具体业务办理规则以各销售机构的规定为准。基金管理人将持续关注市场变化并及时履行信息披露义务，敬请投资者注意投资风险。
为保护基金份额持有人的利益，根据《中华人民共和国证券投资基金法》《公开募集证券投资基金运作管理办法》《公开募集证券投资基金信息披露管理办法》等法律法规以及基金合同的有关规定，基金管理人经与基金托管人协商一致，现将有关事项公告如下：投资者可通过基金管理人的直销中心或基金销售机构办理相关业务，具体业务办理规则以各销售机构的规定为准。基金管理人将持续关注市场变化并及时履行信息披露义务，敬请投资者注意投资风险。
为保护基金份额持有人的利益，根据《中华人民共和国证券投资基金法》《公开募集证券投资基金运作管理办法》《公开募集证券投资基金信息披露管理办法》等法律法规以及基金合同的有关规定，基金管理人经与基金托管人协商一致，现将有关事项公告如下：投资者可通过基金管理人的直销中心或基金销售机构办理相关业务，具体业务办理规则以各销售机构的规定为准。基金管理人将持续关注市场变化并及时履行信息披露义务，敬请投资者注意投资风险。
博时基金管理有限公司
2024年12月2日
